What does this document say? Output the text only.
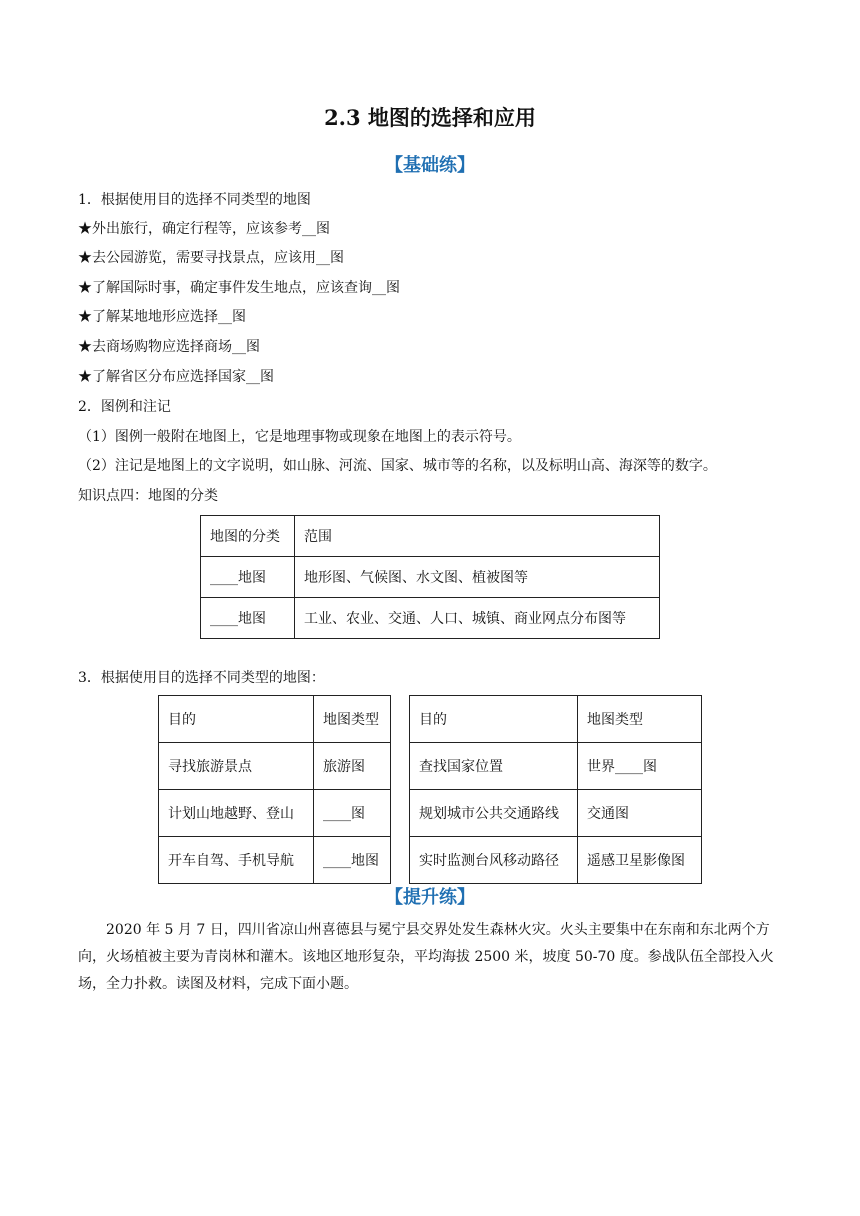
2.3 地图的选择和应用
【基础练】
1．根据使用目的选择不同类型的地图
★外出旅行，确定行程等，应该参考__图
★去公园游览，需要寻找景点，应该用__图
★了解国际时事，确定事件发生地点，应该查询__图
★了解某地地形应选择__图
★去商场购物应选择商场__图
★了解省区分布应选择国家__图
2．图例和注记
（1）图例一般附在地图上，它是地理事物或现象在地图上的表示符号。
（2）注记是地图上的文字说明，如山脉、河流、国家、城市等的名称，以及标明山高、海深等的数字。
知识点四：地图的分类
地图的分类	范围
____地图	地形图、气候图、水文图、植被图等
____地图	工业、农业、交通、人口、城镇、商业网点分布图等
3．根据使用目的选择不同类型的地图：
目的	地图类型		目的	地图类型
寻找旅游景点	旅游图		查找国家位置	世界____图
计划山地越野、登山	____图		规划城市公共交通路线	交通图
开车自驾、手机导航	____地图		实时监测台风移动路径	遥感卫星影像图
【提升练】
2020 年 5 月 7 日，四川省凉山州喜德县与冕宁县交界处发生森林火灾。火头主要集中在东南和东北两个方向，火场植被主要为青岗林和灌木。该地区地形复杂，平均海拔 2500 米，坡度 50-70 度。参战队伍全部投入火场，全力扑救。读图及材料，完成下面小题。
